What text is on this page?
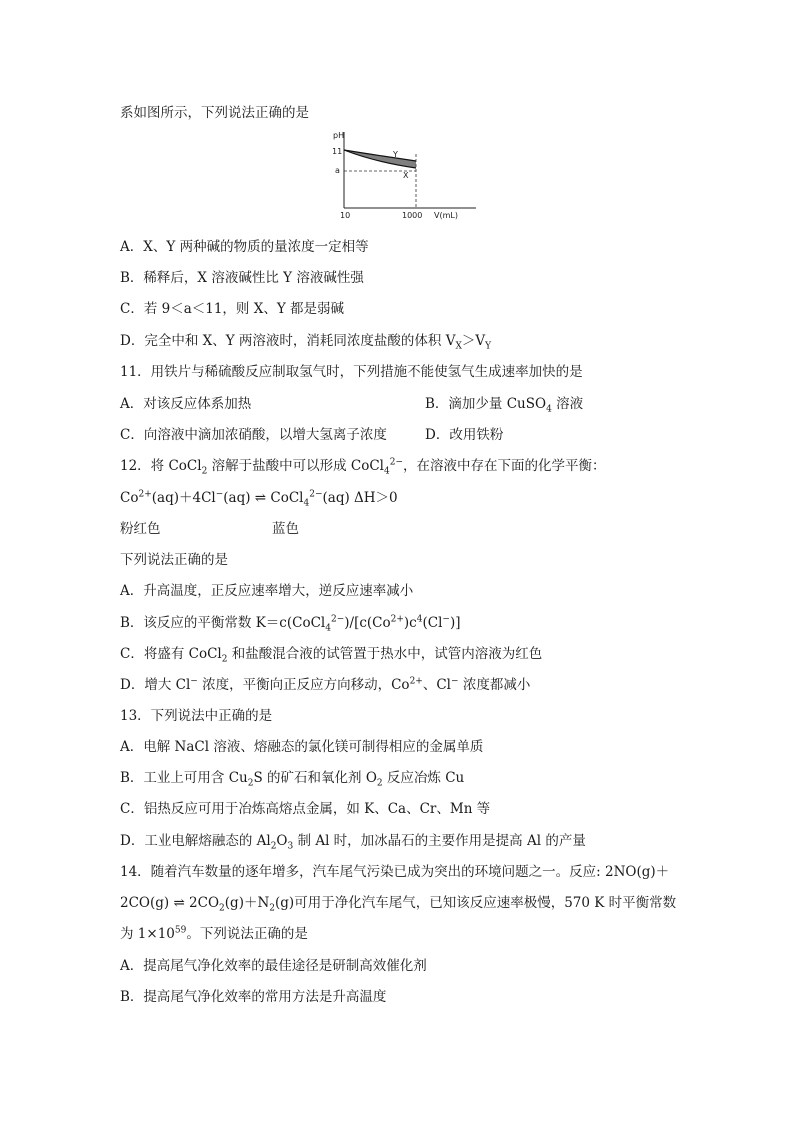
系如图所示，下列说法正确的是

pH
11
a
Y
X
10	1000 V(mL)

A．X、Y 两种碱的物质的量浓度一定相等

B．稀释后，X 溶液碱性比 Y 溶液碱性强

C．若 9＜a＜11，则 X、Y 都是弱碱

D．完全中和 X、Y 两溶液时，消耗同浓度盐酸的体积 $V_X>V_Y$

11．用铁片与稀硫酸反应制取氢气时，下列措施不能使氢气生成速率加快的是

A．对该反应体系加热	B．滴加少量 CuSO$_4$ 溶液

C．向溶液中滴加浓硝酸，以增大氢离子浓度	D．改用铁粉

12．将 CoCl$_2$ 溶解于盐酸中可以形成 CoCl$_4^{2-}$，在溶液中存在下面的化学平衡：

$Co^{2+}(aq)+4Cl^-(aq)$ ⇌ CoCl$_4^{2-}$(aq) ΔH＞0

粉红色	蓝色

下列说法正确的是

A．升高温度，正反应速率增大，逆反应速率减小

B．该反应的平衡常数 $K=c(CoCl_4^{2-})/[c(Co^{2+})c^4(Cl^-)]$

C．将盛有 CoCl$_2$ 和盐酸混合液的试管置于热水中，试管内溶液为红色

D．增大 Cl− 浓度，平衡向正反应方向移动，$Co^{2+}$、Cl− 浓度都减小

13．下列说法中正确的是

A．电解 NaCl 溶液、熔融态的氯化镁可制得相应的金属单质

B．工业上可用含 $Cu_2S$ 的矿石和氧化剂 $O_2$ 反应冶炼 Cu

C．铝热反应可用于冶炼高熔点金属，如 K、Ca、Cr、Mn 等

D．工业电解熔融态的 $Al_2O_3$ 制 Al 时，加冰晶石的主要作用是提高 Al 的产量

14．随着汽车数量的逐年增多，汽车尾气污染已成为突出的环境问题之一。反应: 2NO(g)＋

2CO(g) ⇌ $2CO_2(g)+N_2(g)$可用于净化汽车尾气，已知该反应速率极慢，570 K 时平衡常数

为 $1\times 10^{59}$。下列说法正确的是

A．提高尾气净化效率的最佳途径是研制高效催化剂

B．提高尾气净化效率的常用方法是升高温度
